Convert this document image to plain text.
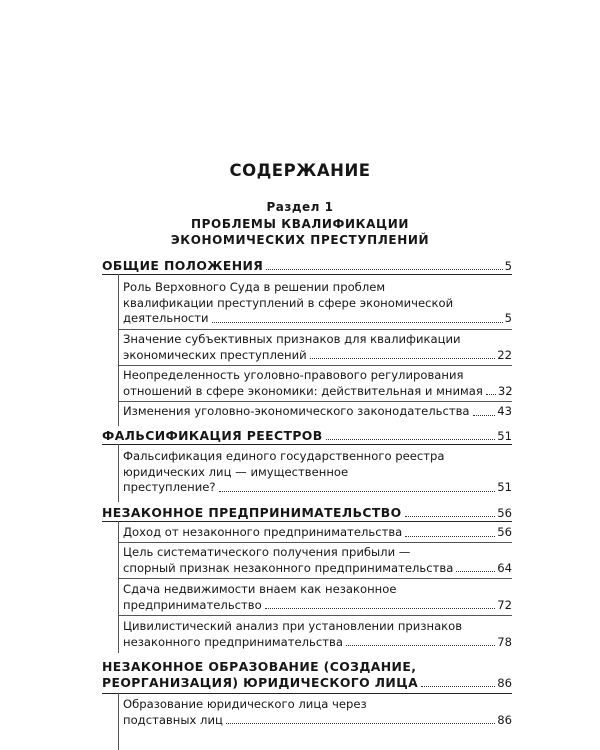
СОДЕРЖАНИЕ
Раздел 1
ПРОБЛЕМЫ КВАЛИФИКАЦИИ
ЭКОНОМИЧЕСКИХ ПРЕСТУПЛЕНИЙ
ОБЩИЕ ПОЛОЖЕНИЯ	5
Роль Верховного Суда в решении проблем
квалификации преступлений в сфере экономической
деятельности	5
Значение субъективных признаков для квалификации
экономических преступлений	22
Неопределенность уголовно-правового регулирования
отношений в сфере экономики: действительная и мнимая 32
Изменения уголовно-экономического законодательства 43
ФАЛЬСИФИКАЦИЯ РЕЕСТРОВ	51
Фальсификация единого государственного реестра
юридических лиц — имущественное
преступление?	51
НЕЗАКОННОЕ ПРЕДПРИНИМАТЕЛЬСТВО	56
Доход от незаконного предпринимательства	56
Цель систематического получения прибыли —
спорный признак незаконного предпринимательства	64
Сдача недвижимости внаем как незаконное
предпринимательство	72
Цивилистический анализ при установлении признаков
незаконного предпринимательства	78
НЕЗАКОННОЕ ОБРАЗОВАНИЕ (СОЗДАНИЕ,
РЕОРГАНИЗАЦИЯ) ЮРИДИЧЕСКОГО ЛИЦА	86
Образование юридического лица через
подставных лиц	86
